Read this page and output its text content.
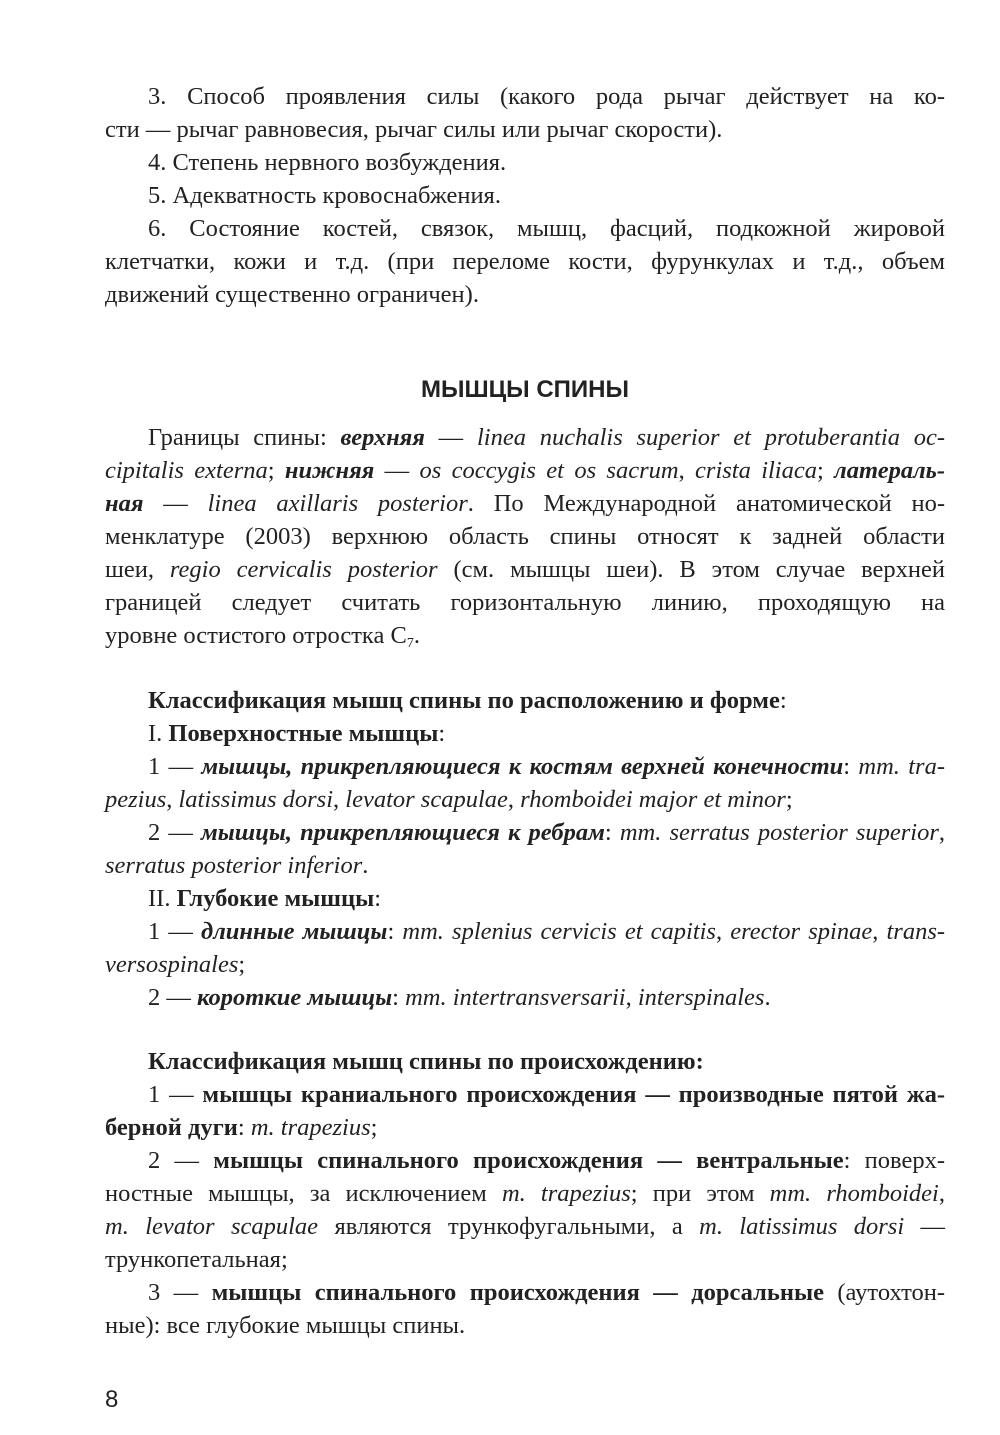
3. Способ проявления силы (какого рода рычаг действует на ко-
сти — рычаг равновесия, рычаг силы или рычаг скорости).
4. Степень нервного возбуждения.
5. Адекватность кровоснабжения.
6. Состояние костей, связок, мышц, фасций, подкожной жировой
клетчатки, кожи и т.д. (при переломе кости, фурункулах и т.д., объем
движений существенно ограничен).
МЫШЦЫ СПИНЫ
Границы спины: верхняя — linea nuchalis superior et protuberantia oc-
cipitalis externa; нижняя — os coccygis et os sacrum, crista iliaca; латераль-
ная — linea axillaris posterior. По Международной анатомической но-
менклатуре (2003) верхнюю область спины относят к задней области
шеи, regio cervicalis posterior (см. мышцы шеи). В этом случае верхней
границей следует считать горизонтальную линию, проходящую на
уровне остистого отростка $С_7$.
Классификация мышц спины по расположению и форме:
I. Поверхностные мышцы:
1 — мышцы, прикрепляющиеся к костям верхней конечности: mm. tra-
pezius, latissimus dorsi, levator scapulae, rhomboidei major et minor;
2 — мышцы, прикрепляющиеся к ребрам: mm. serratus posterior superior,
serratus posterior inferior.
II. Глубокие мышцы:
1 — длинные мышцы: mm. splenius cervicis et capitis, erector spinae, trans-
versospinales;
2 — короткие мышцы: mm. intertransversarii, interspinales.
Классификация мышц спины по происхождению:
1 — мышцы краниального происхождения — производные пятой жа-
берной дуги: m. trapezius;
2 — мышцы спинального происхождения — вентральные: поверх-
ностные мышцы, за исключением m. trapezius; при этом mm. rhomboidei,
m. levator scapulae являются трункофугальными, а m. latissimus dorsi —
трункопетальная;
3 — мышцы спинального происхождения — дорсальные (аутохтон-
ные): все глубокие мышцы спины.
8
